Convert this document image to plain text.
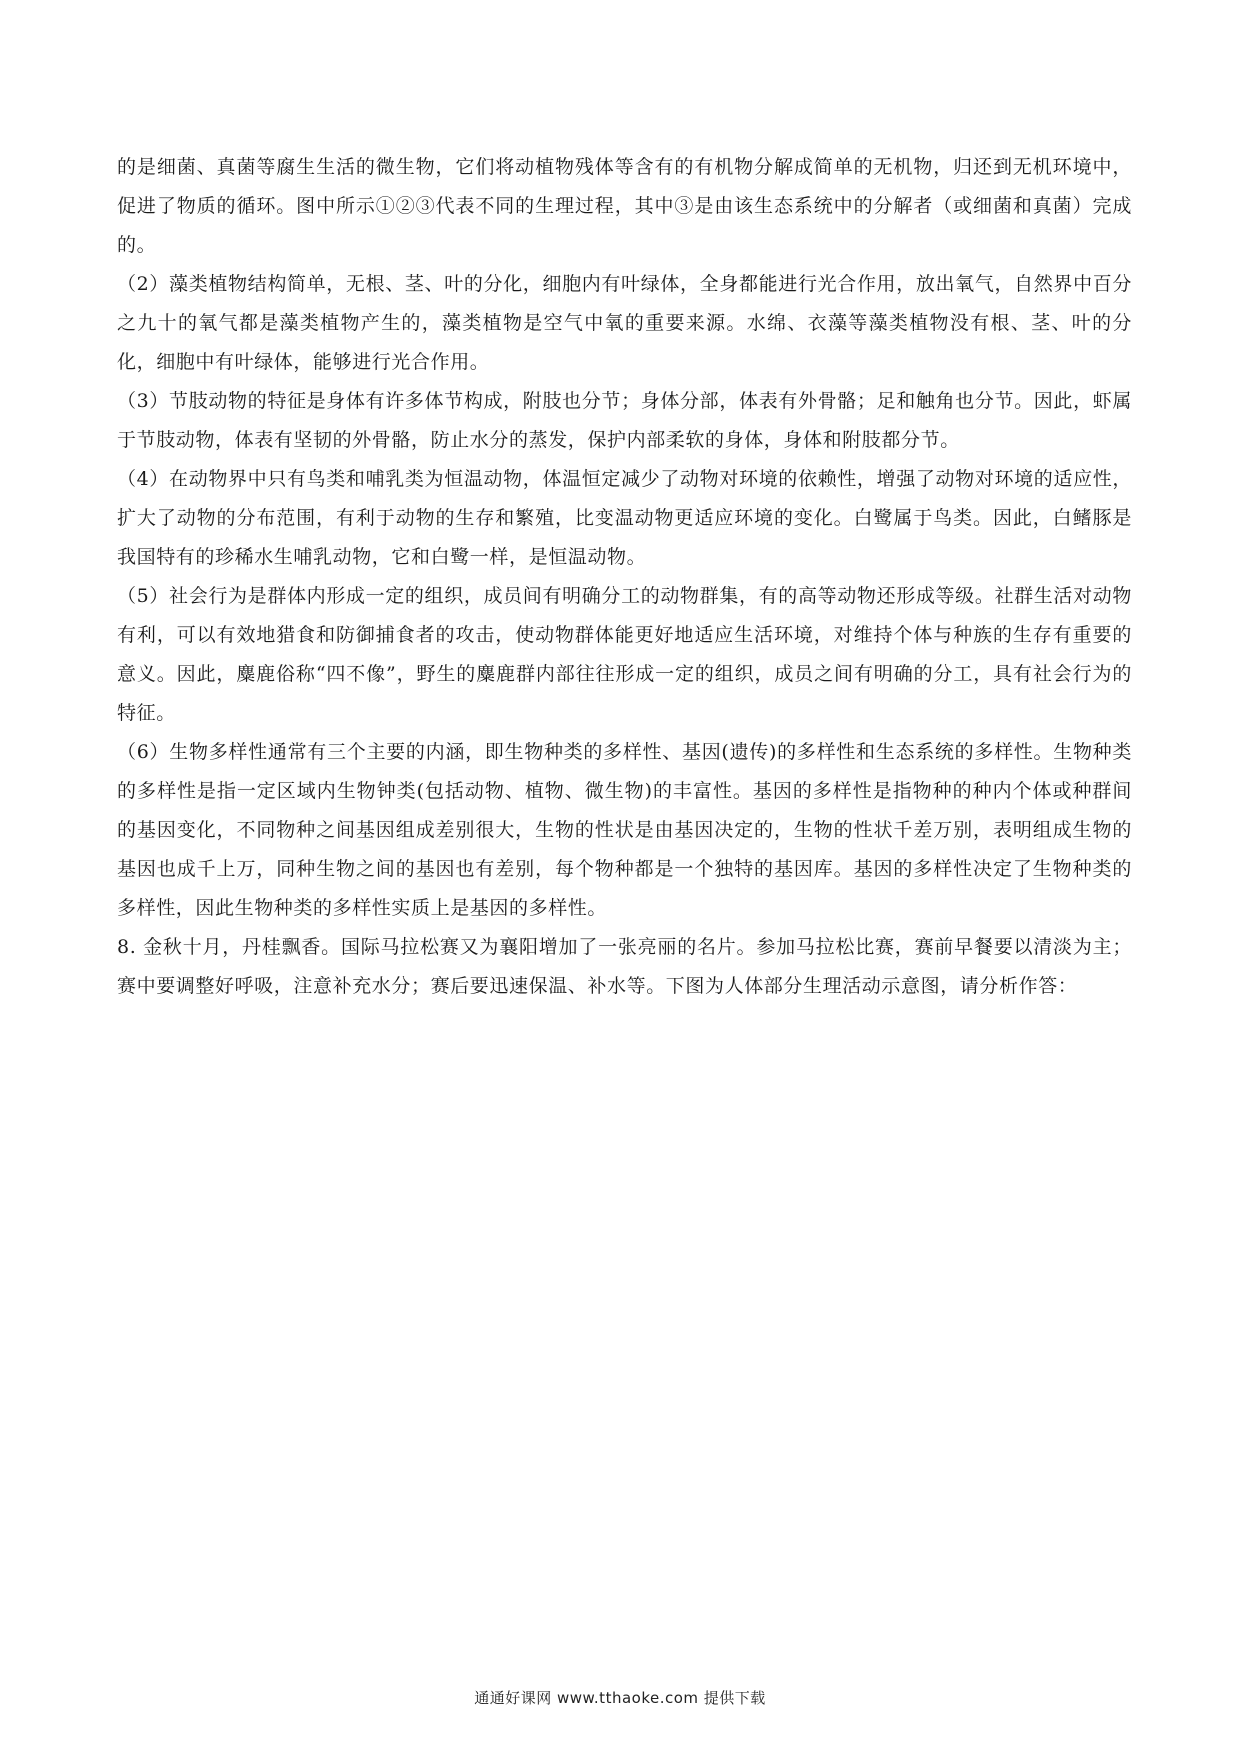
的是细菌、真菌等腐生生活的微生物，它们将动植物残体等含有的有机物分解成简单的无机物，归还到无机环境中，促进了物质的循环。图中所示①②③代表不同的生理过程，其中③是由该生态系统中的分解者（或细菌和真菌）完成的。

（2）藻类植物结构简单，无根、茎、叶的分化，细胞内有叶绿体，全身都能进行光合作用，放出氧气，自然界中百分之九十的氧气都是藻类植物产生的，藻类植物是空气中氧的重要来源。水绵、衣藻等藻类植物没有根、茎、叶的分化，细胞中有叶绿体，能够进行光合作用。

（3）节肢动物的特征是身体有许多体节构成，附肢也分节；身体分部，体表有外骨骼；足和触角也分节。因此，虾属于节肢动物，体表有坚韧的外骨骼，防止水分的蒸发，保护内部柔软的身体，身体和附肢都分节。

（4）在动物界中只有鸟类和哺乳类为恒温动物，体温恒定减少了动物对环境的依赖性，增强了动物对环境的适应性，扩大了动物的分布范围，有利于动物的生存和繁殖，比变温动物更适应环境的变化。白鹭属于鸟类。因此，白鳍豚是我国特有的珍稀水生哺乳动物，它和白鹭一样，是恒温动物。

（5）社会行为是群体内形成一定的组织，成员间有明确分工的动物群集，有的高等动物还形成等级。社群生活对动物有利，可以有效地猎食和防御捕食者的攻击，使动物群体能更好地适应生活环境，对维持个体与种族的生存有重要的意义。因此，麋鹿俗称“四不像”，野生的麋鹿群内部往往形成一定的组织，成员之间有明确的分工，具有社会行为的特征。

（6）生物多样性通常有三个主要的内涵，即生物种类的多样性、基因(遗传)的多样性和生态系统的多样性。生物种类的多样性是指一定区域内生物钟类(包括动物、植物、微生物)的丰富性。基因的多样性是指物种的种内个体或种群间的基因变化，不同物种之间基因组成差别很大，生物的性状是由基因决定的，生物的性状千差万别，表明组成生物的基因也成千上万，同种生物之间的基因也有差别，每个物种都是一个独特的基因库。基因的多样性决定了生物种类的多样性，因此生物种类的多样性实质上是基因的多样性。

8. 金秋十月，丹桂飘香。国际马拉松赛又为襄阳增加了一张亮丽的名片。参加马拉松比赛，赛前早餐要以清淡为主；赛中要调整好呼吸，注意补充水分；赛后要迅速保温、补水等。下图为人体部分生理活动示意图，请分析作答：

通通好课网 www.tthaoke.com 提供下载
